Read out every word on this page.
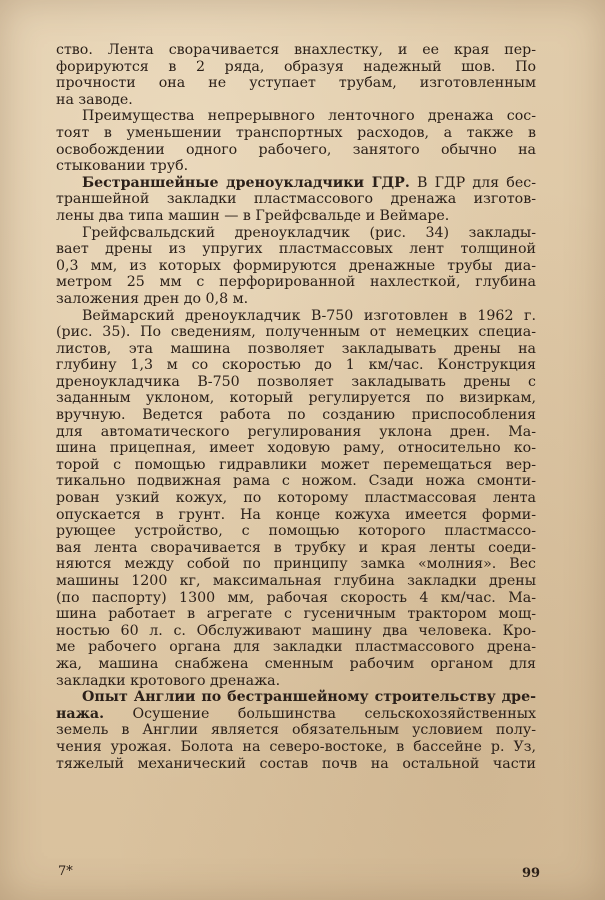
ство. Лента сворачивается внахлестку, и ее края пер-
форируются в 2 ряда, образуя надежный шов. По
прочности она не уступает трубам, изготовленным
на заводе.
Преимущества непрерывного ленточного дренажа сос-
тоят в уменьшении транспортных расходов, а также в
освобождении одного рабочего, занятого обычно на
стыковании труб.
Бестраншейные дреноукладчики ГДР. В ГДР для бес-
траншейной закладки пластмассового дренажа изготов-
лены два типа машин — в Грейфсвальде и Веймаре.
Грейфсвальдский дреноукладчик (рис. 34) заклады-
вает дрены из упругих пластмассовых лент толщиной
0,3 мм, из которых формируются дренажные трубы диа-
метром 25 мм с перфорированной нахлесткой, глубина
заложения дрен до 0,8 м.
Веймарский дреноукладчик В-750 изготовлен в 1962 г.
(рис. 35). По сведениям, полученным от немецких специа-
листов, эта машина позволяет закладывать дрены на
глубину 1,3 м со скоростью до 1 км/час. Конструкция
дреноукладчика В-750 позволяет закладывать дрены с
заданным уклоном, который регулируется по визиркам,
вручную. Ведется работа по созданию приспособления
для автоматического регулирования уклона дрен. Ма-
шина прицепная, имеет ходовую раму, относительно ко-
торой с помощью гидравлики может перемещаться вер-
тикально подвижная рама с ножом. Сзади ножа смонти-
рован узкий кожух, по которому пластмассовая лента
опускается в грунт. На конце кожуха имеется форми-
рующее устройство, с помощью которого пластмассо-
вая лента сворачивается в трубку и края ленты соеди-
няются между собой по принципу замка «молния». Вес
машины 1200 кг, максимальная глубина закладки дрены
(по паспорту) 1300 мм, рабочая скорость 4 км/час. Ма-
шина работает в агрегате с гусеничным трактором мощ-
ностью 60 л. с. Обслуживают машину два человека. Кро-
ме рабочего органа для закладки пластмассового дрена-
жа, машина снабжена сменным рабочим органом для
закладки кротового дренажа.
Опыт Англии по бестраншейному строительству дре-
нажа. Осушение большинства сельскохозяйственных
земель в Англии является обязательным условием полу-
чения урожая. Болота на северо-востоке, в бассейне р. Уз,
тяжелый механический состав почв на остальной части
7*	99
